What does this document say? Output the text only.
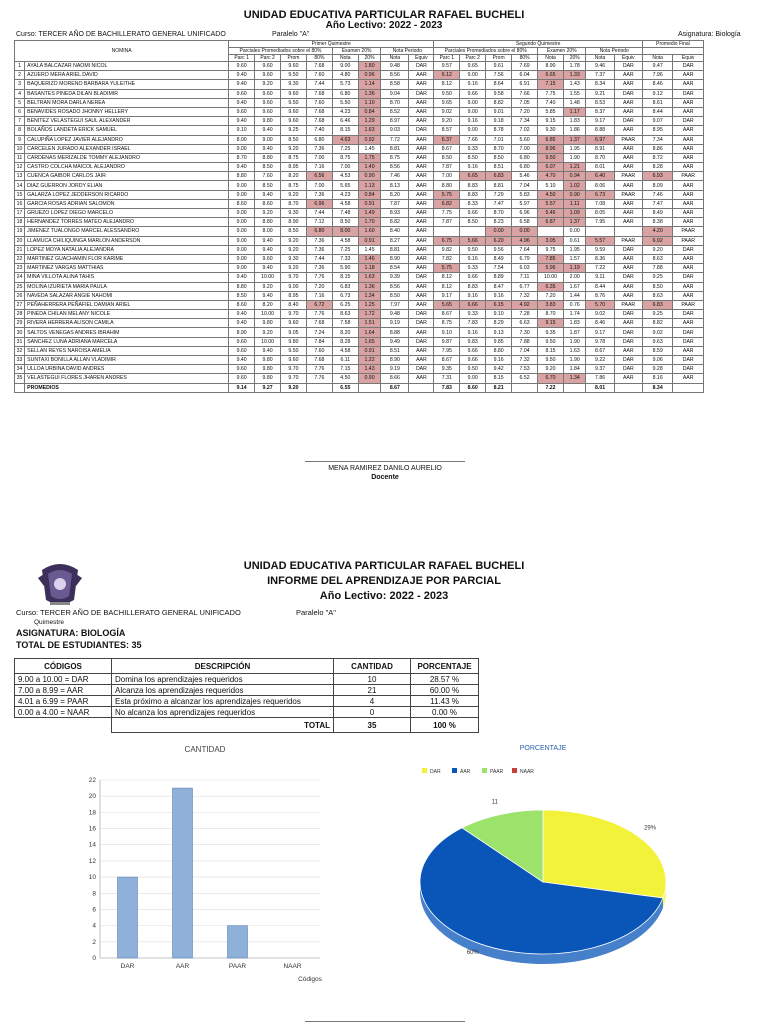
UNIDAD EDUCATIVA PARTICULAR RAFAEL BUCHELI
Año Lectivo: 2022 - 2023
Curso: TERCER AÑO DE BACHILLERATO GENERAL UNIFICADO	Paralelo "A"	Asignatura: Biología
NOMINA		Primer Quimestre								Segundo Quimestre								Promedio Final	
		Parciales Promediados sobre el 80%				Examen 20%		Nota Periodo		Parciales Promediados sobre el 80%				Examen 20%		Nota Periodo			
		Parc 1	Parc 2	Prom	80%	Nota	20%	Nota	Equiv	Parc 1	Parc 2	Prom	80%	Nota	20%	Nota	Equiv	Nota	Equiv
1	AYALA BALCAZAR NAOMI NICOL	9.60	9.60	9.60	7.68	9.00	1.80	9.48	DAR	9.57	9.65	9.61	7.69	8.90	1.78	9.46	DAR	9.47	DAR
2	AZUERO MERA ARIEL DAVID	9.40	9.60	9.50	7.60	4.80	0.96	8.56	AAR	6.12	9.00	7.56	6.04	6.65	1.33	7.37	AAR	7.96	AAR
3	BAQUERIZO MORENO BARBARA YULEITHE	9.40	9.20	9.30	7.44	5.73	1.14	8.58	AAR	8.12	9.16	8.64	6.91	7.15	1.43	8.34	AAR	8.46	AAR
4	BASANTES PINEDA DILAN BLADIMIR	9.60	9.60	9.60	7.68	6.80	1.36	9.04	DAR	9.50	9.66	9.58	7.66	7.75	1.55	9.21	DAR	9.12	DAR
5	BELTRAN MORA DARLA NEREA	9.40	9.60	9.50	7.60	5.50	1.10	8.70	AAR	9.65	9.00	8.82	7.05	7.40	1.48	8.53	AAR	8.61	AAR
6	BENAVIDES ROSADO JHONNY HELLERY	9.60	9.60	9.60	7.68	4.23	0.84	8.52	AAR	9.02	9.00	9.01	7.20	5.85	1.17	8.37	AAR	8.44	AAR
7	BENITEZ VELASTEGUI SAUL ALEXANDER	9.40	9.80	9.60	7.68	6.46	1.29	8.97	AAR	9.20	9.16	9.18	7.34	9.15	1.83	9.17	DAR	9.07	DAR
8	BOLAÑOS LANDETA ERICK SAMUEL	9.10	9.40	9.25	7.40	8.15	1.63	9.03	DAR	8.57	9.00	8.78	7.02	9.30	1.86	8.88	AAR	8.95	AAR
9	CALUPIÑA LOPEZ JAVIER ALEJANDRO	8.00	9.00	8.50	6.80	4.63	0.92	7.72	AAR	6.37	7.66	7.01	5.60	6.85	1.37	6.97	PAAR	7.34	AAR
10	CARCELEN JURADO ALEXANDER ISRAEL	9.00	9.40	9.20	7.36	7.25	1.45	8.81	AAR	8.67	9.33	8.70	7.00	8.96	1.95	8.91	AAR	8.86	AAR
11	CARDENAS MERIZALDE TOMMY ALEJANDRO	8.70	8.80	8.75	7.00	8.75	1.75	8.75	AAR	8.50	8.50	8.50	6.80	9.50	1.90	8.70	AAR	8.72	AAR
12	CASTRO COLCHA MAICOL ALEJANDRO	9.40	8.50	8.95	7.16	7.00	1.40	8.56	AAR	7.87	9.16	8.51	6.80	6.07	1.21	8.01	AAR	8.28	AAR
13	CUENCA GAIBOR CARLOS JAIR	8.80	7.60	8.20	6.56	4.53	0.90	7.46	AAR	7.00	6.65	6.83	5.46	4.70	0.94	6.40	PAAR	6.93	PAAR
14	DIAZ GUERRON JORDY ELIAN	9.00	8.50	8.75	7.00	5.65	1.13	8.13	AAR	8.80	8.83	8.81	7.04	5.10	1.02	8.06	AAR	8.09	AAR
15	GALARZA LOPEZ JEDDERSON RICARDO	9.00	9.40	9.20	7.36	4.23	0.84	8.20	AAR	5.75	8.83	7.29	5.83	4.50	0.90	6.73	PAAR	7.46	AAR
16	GARCIA ROSAS ADRIAN SALOMON	8.60	8.60	8.70	6.96	4.58	0.91	7.87	AAR	6.82	8.33	7.47	5.97	5.57	1.11	7.08	AAR	7.47	AAR
17	GRUEZO LOPEZ DIEGO MARCELO	9.00	9.20	9.30	7.44	7.48	1.49	8.93	AAR	7.75	9.66	8.70	6.96	5.46	1.09	8.05	AAR	8.49	AAR
18	HERNANDEZ TORRES MATEO ALEJANDRO	9.00	8.80	8.90	7.12	8.50	1.70	8.82	AAR	7.87	8.50	8.23	6.58	6.87	1.37	7.95	AAR	8.38	AAR
19	JIMENEZ TUALONGO MARCEL ALESSANDRO	9.00	8.00	8.50	6.80	8.00	1.60	8.40	AAR			0.00	0.00		0.00			4.20	PAAR
20	LLAMUCA CHILIQUINGA MARLON ANDERSON	9.00	9.40	9.20	7.36	4.58	0.91	8.27	AAR	6.75	5.66	6.20	4.96	3.05	0.61	5.57	PAAR	6.92	PAAR
21	LOPEZ MOYA NATALIA ALEJANDRA	9.00	9.40	9.20	7.36	7.25	1.45	8.81	AAR	9.82	9.50	9.56	7.64	9.75	1.95	9.59	DAR	9.20	DAR
22	MARTINEZ GUACHAMIN FLOR KARIME	9.00	9.60	9.30	7.44	7.33	1.46	8.90	AAR	7.82	9.16	8.49	6.79	7.85	1.57	8.36	AAR	8.63	AAR
23	MARTINEZ VARGAS MATTHIAS	9.00	9.40	9.20	7.36	5.90	1.18	8.54	AAR	5.75	9.33	7.54	6.03	5.96	1.19	7.22	AAR	7.88	AAR
24	MINA VILLOTA ALINA TAHIS	9.40	10.00	9.70	7.76	8.15	1.63	9.39	DAR	8.12	9.66	8.89	7.11	10.00	2.00	9.11	DAR	9.25	DAR
25	MOLINA IZURIETA MARIA PAULA	8.80	9.20	9.00	7.20	6.83	1.36	8.56	AAR	8.12	8.83	8.47	6.77	6.35	1.67	8.44	AAR	8.50	AAR
26	NAVEDA SALAZAR ANGIE NAHOMI	8.50	9.40	8.95	7.16	6.73	1.34	8.50	AAR	9.17	9.16	9.16	7.32	7.20	1.44	8.76	AAR	8.63	AAR
27	PEÑAHERRERA PEÑAFIEL DAMIAN ARIEL	8.60	8.20	8.40	6.72	6.25	1.25	7.97	AAR	5.65	6.66	6.15	4.92	3.83	0.76	5.70	PAAR	6.83	PAAR
28	PINEDA CHILAN MELANY NICOLE	9.40	10.00	9.70	7.76	8.63	1.72	9.48	DAR	8.67	9.33	9.10	7.28	8.70	1.74	9.02	DAR	9.25	DAR
29	RIVERA HERRERA ALISON CAMILA	9.40	9.80	9.60	7.68	7.58	1.51	9.19	DAR	8.75	7.83	8.29	6.63	9.15	1.83	8.46	AAR	8.82	AAR
30	SALTOS VENEGAS ANDRES IBRAHIM	8.90	9.20	9.05	7.24	8.20	1.64	8.88	AAR	9.10	9.16	9.13	7.30	9.35	1.87	9.17	DAR	9.02	DAR
31	SANCHEZ LUNA ADRIANA MARCELA	9.60	10.00	9.80	7.84	8.28	1.65	9.49	DAR	9.87	9.83	9.85	7.88	9.50	1.90	9.78	DAR	9.63	DAR
32	SELLAN REYES NAROISA AMELIA	9.60	9.40	9.50	7.60	4.58	0.91	8.51	AAR	7.95	9.66	8.80	7.04	8.15	1.63	8.67	AAR	8.59	AAR
33	SUNTAXI BONILLA ALLAN VLADIMIR	9.40	9.80	9.60	7.68	6.11	1.22	8.90	AAR	8.67	9.66	9.16	7.32	9.50	1.90	9.22	DAR	9.06	DAR
34	ULLOA URBINA DAVID ANDRES	9.60	9.80	9.70	7.76	7.15	1.43	9.19	DAR	9.35	9.50	9.42	7.53	9.20	1.84	9.37	DAR	9.28	DAR
35	VELASTEGUI FLORES JHAREN ANDRES	9.60	9.80	9.70	7.76	4.50	0.90	8.66	AAR	7.31	9.00	8.15	6.52	6.70	1.34	7.86	AAR	8.16	AAR
	PROMEDIOS	9.14	9.27	9.20		6.55		8.67		7.83	8.60	8.21		7.22		8.01		8.34	
MENA RAMIREZ DANILO AURELIO
Docente
UNIDAD EDUCATIVA PARTICULAR RAFAEL BUCHELI
INFORME DEL APRENDIZAJE POR PARCIAL
Año Lectivo: 2022 - 2023
Curso: TERCER AÑO DE BACHILLERATO GENERAL UNIFICADO	Paralelo "A"
Quimestre
ASIGNATURA: BIOLOGÍA
TOTAL DE ESTUDIANTES: 35
CÓDIGOS	DESCRIPCIÓN	CANTIDAD	PORCENTAJE
9.00 a 10.00 = DAR	Domina los aprendizajes requeridos	10	28.57 %
7.00 a 8.99 = AAR	Alcanza los aprendizajes requeridos	21	60.00 %
4.01 a 6.99 = PAAR	Esta próximo a alcanzar los aprendizajes requeridos	4	11.43 %
0.00 a 4.00 = NAAR	No alcanza los aprendizajes requeridos	0	0.00 %
	TOTAL	35	100 %
CANTIDAD
0
2
4
6
8
10
12
14
16
18
20
22
DAR	AAR	PAAR	NAAR
Códigos
PORCENTAJE
DAR	AAR	PAAR	NAAR
29%
60%
11
